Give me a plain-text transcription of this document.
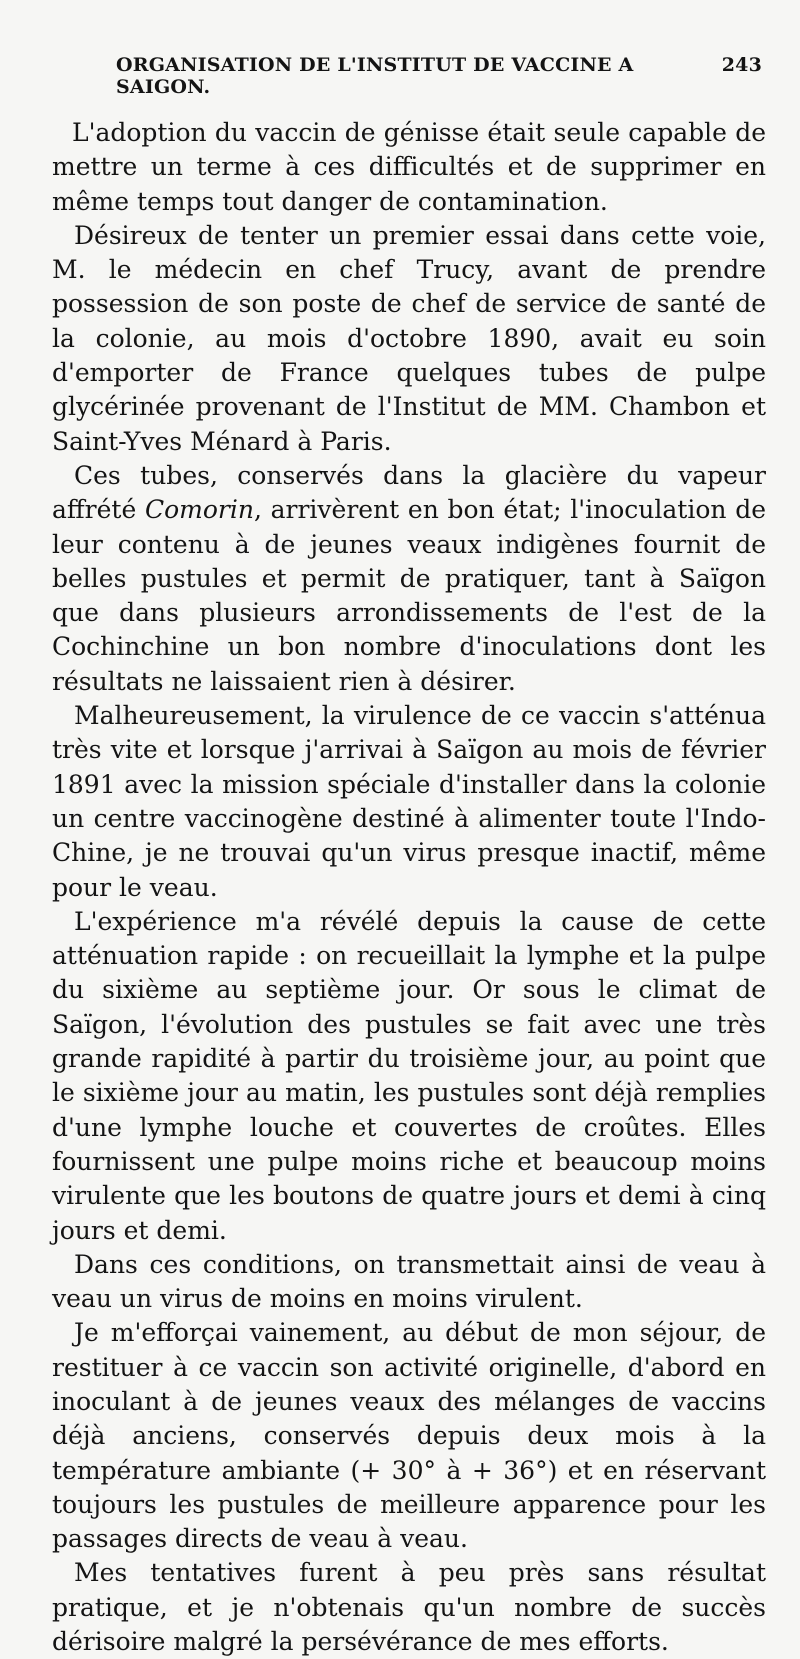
ORGANISATION DE L'INSTITUT DE VACCINE A SAIGON.
243

L'adoption du vaccin de génisse était seule capable de mettre un terme à ces difficultés et de supprimer en même temps tout danger de contamination.

Désireux de tenter un premier essai dans cette voie, M. le médecin en chef Trucy, avant de prendre possession de son poste de chef de service de santé de la colonie, au mois d'octobre 1890, avait eu soin d'emporter de France quelques tubes de pulpe glycérinée provenant de l'Institut de MM. Chambon et Saint-Yves Ménard à Paris.

Ces tubes, conservés dans la glacière du vapeur affrété Comorin, arrivèrent en bon état; l'inoculation de leur contenu à de jeunes veaux indigènes fournit de belles pustules et permit de pratiquer, tant à Saïgon que dans plusieurs arrondissements de l'est de la Cochinchine un bon nombre d'inoculations dont les résultats ne laissaient rien à désirer.

Malheureusement, la virulence de ce vaccin s'atténua très vite et lorsque j'arrivai à Saïgon au mois de février 1891 avec la mission spéciale d'installer dans la colonie un centre vaccinogène destiné à alimenter toute l'Indo-Chine, je ne trouvai qu'un virus presque inactif, même pour le veau.

L'expérience m'a révélé depuis la cause de cette atténuation rapide : on recueillait la lymphe et la pulpe du sixième au septième jour. Or sous le climat de Saïgon, l'évolution des pustules se fait avec une très grande rapidité à partir du troisième jour, au point que le sixième jour au matin, les pustules sont déjà remplies d'une lymphe louche et couvertes de croûtes. Elles fournissent une pulpe moins riche et beaucoup moins virulente que les boutons de quatre jours et demi à cinq jours et demi.

Dans ces conditions, on transmettait ainsi de veau à veau un virus de moins en moins virulent.

Je m'efforçai vainement, au début de mon séjour, de restituer à ce vaccin son activité originelle, d'abord en inoculant à de jeunes veaux des mélanges de vaccins déjà anciens, conservés depuis deux mois à la température ambiante (+ 30° à + 36°) et en réservant toujours les pustules de meilleure apparence pour les passages directs de veau à veau.

Mes tentatives furent à peu près sans résultat pratique, et je n'obtenais qu'un nombre de succès dérisoire malgré la persévérance de mes efforts.
